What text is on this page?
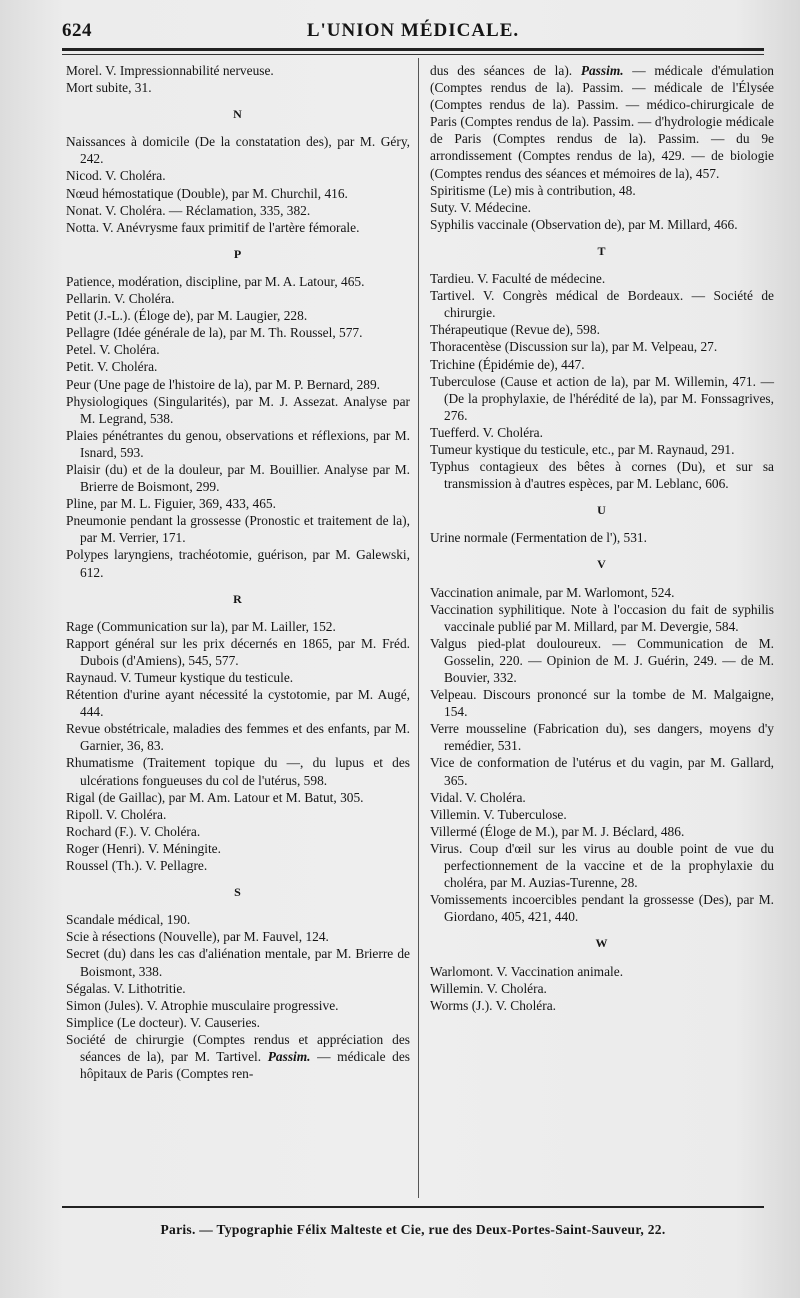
624	L'UNION MÉDICALE.
Morel. V. Impressionnabilité nerveuse.
Mort subite, 31.
N
Naissances à domicile (De la constatation des), par M. Géry, 242.
Nicod. V. Choléra.
Nœud hémostatique (Double), par M. Churchil, 416.
Nonat. V. Choléra. — Réclamation, 335, 382.
Notta. V. Anévrysme faux primitif de l'artère fémorale.
P
Patience, modération, discipline, par M. A. Latour, 465.
Pellarin. V. Choléra.
Petit (J.-L.). (Éloge de), par M. Laugier, 228.
Pellagre (Idée générale de la), par M. Th. Roussel, 577.
Petel. V. Choléra.
Petit. V. Choléra.
Peur (Une page de l'histoire de la), par M. P. Bernard, 289.
Physiologiques (Singularités), par M. J. Assezat. Analyse par M. Legrand, 538.
Plaies pénétrantes du genou, observations et réflexions, par M. Isnard, 593.
Plaisir (du) et de la douleur, par M. Bouillier. Analyse par M. Brierre de Boismont, 299.
Pline, par M. L. Figuier, 369, 433, 465.
Pneumonie pendant la grossesse (Pronostic et traitement de la), par M. Verrier, 171.
Polypes laryngiens, trachéotomie, guérison, par M. Galewski, 612.
R
Rage (Communication sur la), par M. Lailler, 152.
Rapport général sur les prix décernés en 1865, par M. Fréd. Dubois (d'Amiens), 545, 577.
Raynaud. V. Tumeur kystique du testicule.
Rétention d'urine ayant nécessité la cystotomie, par M. Augé, 444.
Revue obstétricale, maladies des femmes et des enfants, par M. Garnier, 36, 83.
Rhumatisme (Traitement topique du —, du lupus et des ulcérations fongueuses du col de l'utérus, 598.
Rigal (de Gaillac), par M. Am. Latour et M. Batut, 305.
Ripoll. V. Choléra.
Rochard (F.). V. Choléra.
Roger (Henri). V. Méningite.
Roussel (Th.). V. Pellagre.
S
Scandale médical, 190.
Scie à résections (Nouvelle), par M. Fauvel, 124.
Secret (du) dans les cas d'aliénation mentale, par M. Brierre de Boismont, 338.
Ségalas. V. Lithotritie.
Simon (Jules). V. Atrophie musculaire progressive.
Simplice (Le docteur). V. Causeries.
Société de chirurgie (Comptes rendus et appréciation des séances de la), par M. Tartivel. Passim. — médicale des hôpitaux de Paris (Comptes ren-
dus des séances de la). Passim. — médicale d'émulation (Comptes rendus de la). Passim. — médicale de l'Élysée (Comptes rendus de la). Passim. — médico-chirurgicale de Paris (Comptes rendus de la). Passim. — d'hydrologie médicale de Paris (Comptes rendus de la). Passim. — du 9e arrondissement (Comptes rendus de la), 429. — de biologie (Comptes rendus des séances et mémoires de la), 457.
Spiritisme (Le) mis à contribution, 48.
Suty. V. Médecine.
Syphilis vaccinale (Observation de), par M. Millard, 466.
T
Tardieu. V. Faculté de médecine.
Tartivel. V. Congrès médical de Bordeaux. — Société de chirurgie.
Thérapeutique (Revue de), 598.
Thoracentèse (Discussion sur la), par M. Velpeau, 27.
Trichine (Épidémie de), 447.
Tuberculose (Cause et action de la), par M. Willemin, 471. — (De la prophylaxie, de l'hérédité de la), par M. Fonssagrives, 276.
Tuefferd. V. Choléra.
Tumeur kystique du testicule, etc., par M. Raynaud, 291.
Typhus contagieux des bêtes à cornes (Du), et sur sa transmission à d'autres espèces, par M. Leblanc, 606.
U
Urine normale (Fermentation de l'), 531.
V
Vaccination animale, par M. Warlomont, 524.
Vaccination syphilitique. Note à l'occasion du fait de syphilis vaccinale publié par M. Millard, par M. Devergie, 584.
Valgus pied-plat douloureux. — Communication de M. Gosselin, 220. — Opinion de M. J. Guérin, 249. — de M. Bouvier, 332.
Velpeau. Discours prononcé sur la tombe de M. Malgaigne, 154.
Verre mousseline (Fabrication du), ses dangers, moyens d'y remédier, 531.
Vice de conformation de l'utérus et du vagin, par M. Gallard, 365.
Vidal. V. Choléra.
Villemin. V. Tuberculose.
Villermé (Éloge de M.), par M. J. Béclard, 486.
Virus. Coup d'œil sur les virus au double point de vue du perfectionnement de la vaccine et de la prophylaxie du choléra, par M. Auzias-Turenne, 28.
Vomissements incoercibles pendant la grossesse (Des), par M. Giordano, 405, 421, 440.
W
Warlomont. V. Vaccination animale.
Willemin. V. Choléra.
Worms (J.). V. Choléra.
Paris. — Typographie Félix Malteste et Cie, rue des Deux-Portes-Saint-Sauveur, 22.
